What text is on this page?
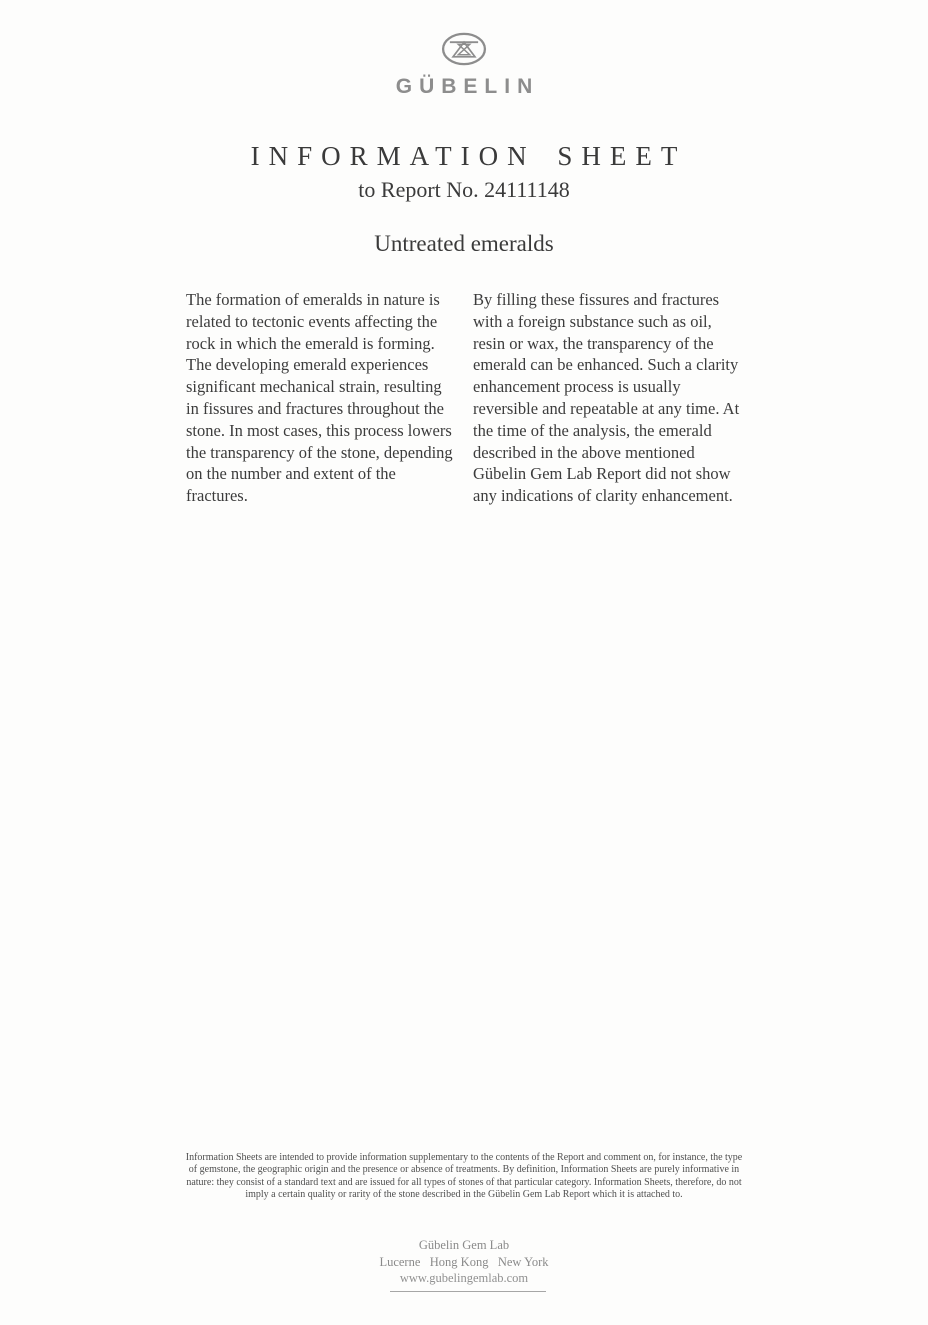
GÜBELIN
INFORMATION SHEET
to Report No. 24111148
Untreated emeralds
The formation of emeralds in nature is related to tectonic events affecting the rock in which the emerald is forming. The developing emerald experiences significant mechanical strain, resulting in fissures and fractures throughout the stone. In most cases, this process lowers the transparency of the stone, depending on the number and extent of the fractures.
By filling these fissures and fractures with a foreign substance such as oil, resin or wax, the transparency of the emerald can be enhanced. Such a clarity enhancement process is usually reversible and repeatable at any time. At the time of the analysis, the emerald described in the above mentioned Gübelin Gem Lab Report did not show any indications of clarity enhancement.
Information Sheets are intended to provide information supplementary to the contents of the Report and comment on, for instance, the type of gemstone, the geographic origin and the presence or absence of treatments. By definition, Information Sheets are purely informative in nature: they consist of a standard text and are issued for all types of stones of that particular category. Information Sheets, therefore, do not imply a certain quality or rarity of the stone described in the Gübelin Gem Lab Report which it is attached to.
Gübelin Gem Lab
Lucerne   Hong Kong   New York
www.gubelingemlab.com
